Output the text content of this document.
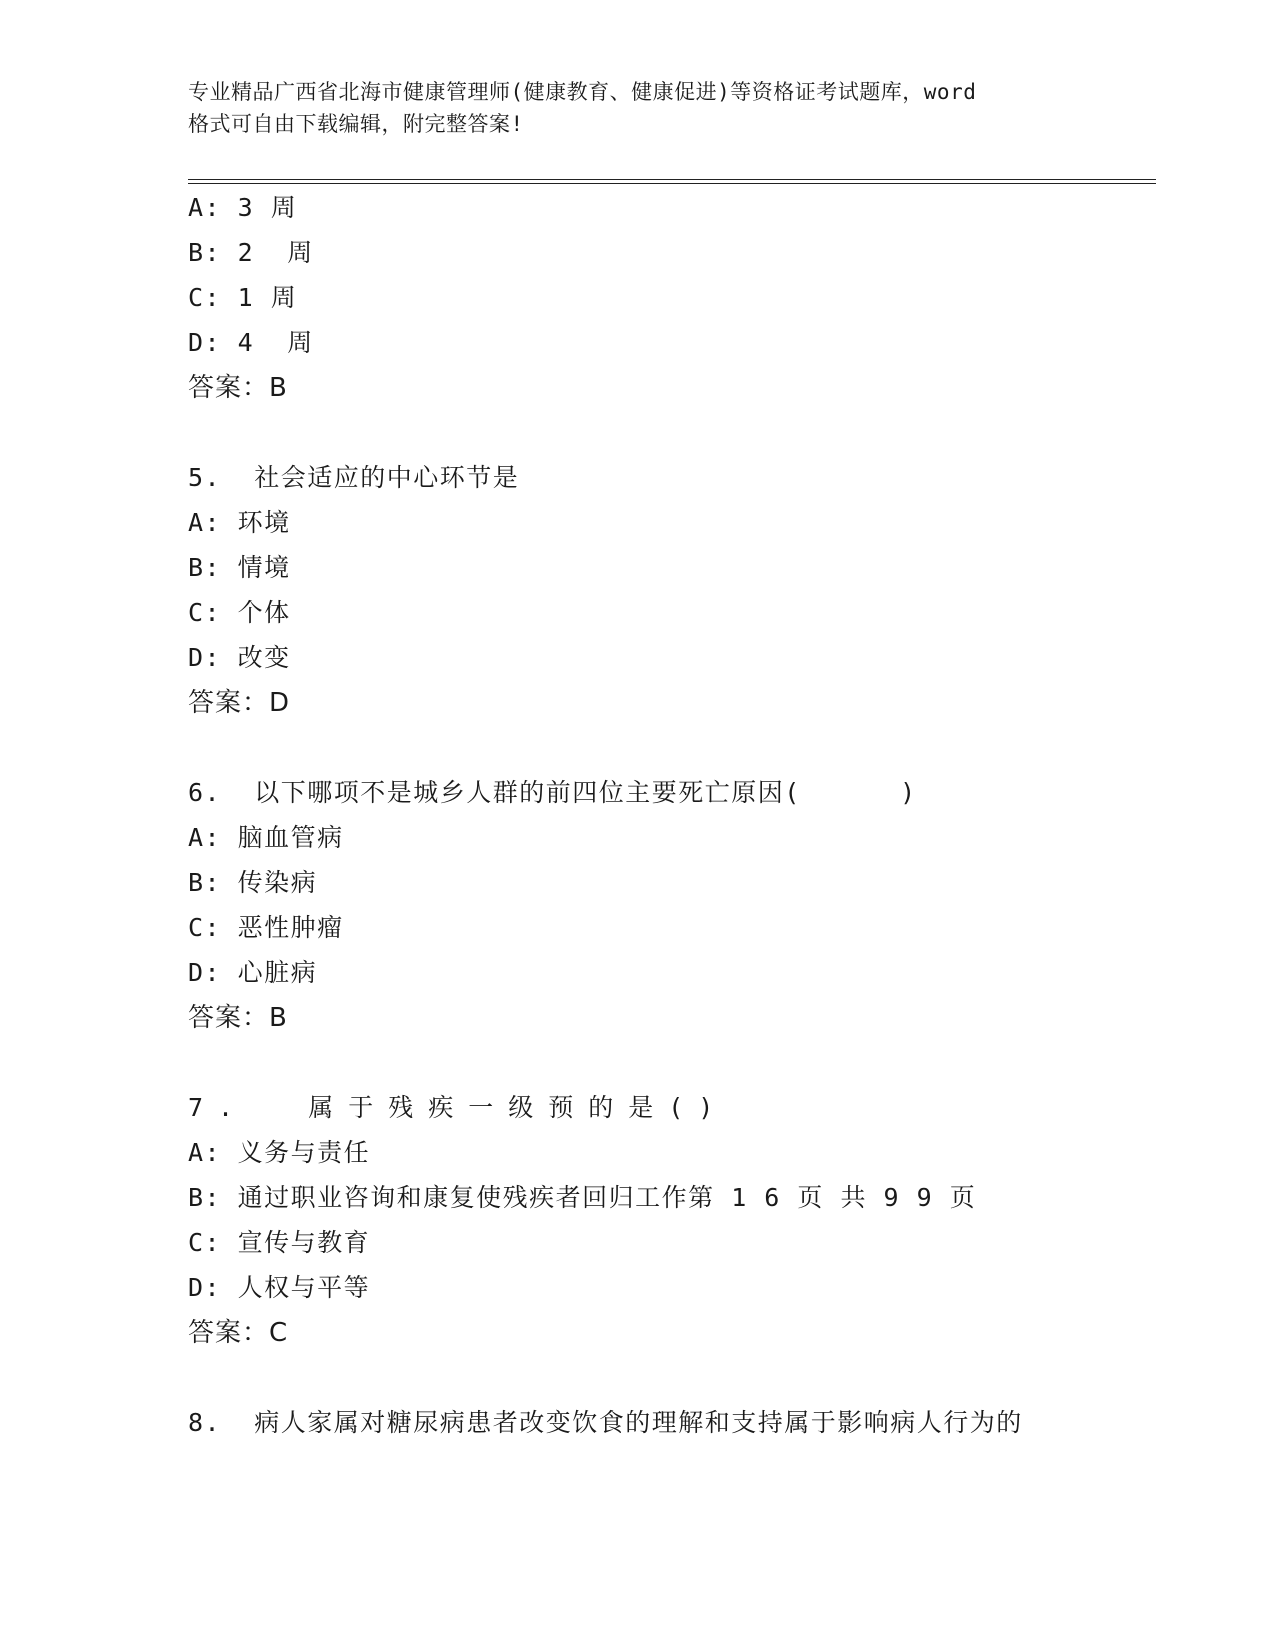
专业精品广西省北海市健康管理师(健康教育、健康促进)等资格证考试题库，word
格式可自由下载编辑，附完整答案!
A: 3 周
B: 2  周
C: 1 周
D: 4  周
答案：B
5.  社会适应的中心环节是
A: 环境
B: 情境
C: 个体
D: 改变
答案：D
6.  以下哪项不是城乡人群的前四位主要死亡原因(      )
A: 脑血管病
B: 传染病
C: 恶性肿瘤
D: 心脏病
答案：B
7.  属于残疾一级预的是()
A: 义务与责任
B: 通过职业咨询和康复使残疾者回归工作第 1 6 页 共 9 9 页
C: 宣传与教育
D: 人权与平等
答案：C
8.  病人家属对糖尿病患者改变饮食的理解和支持属于影响病人行为的
